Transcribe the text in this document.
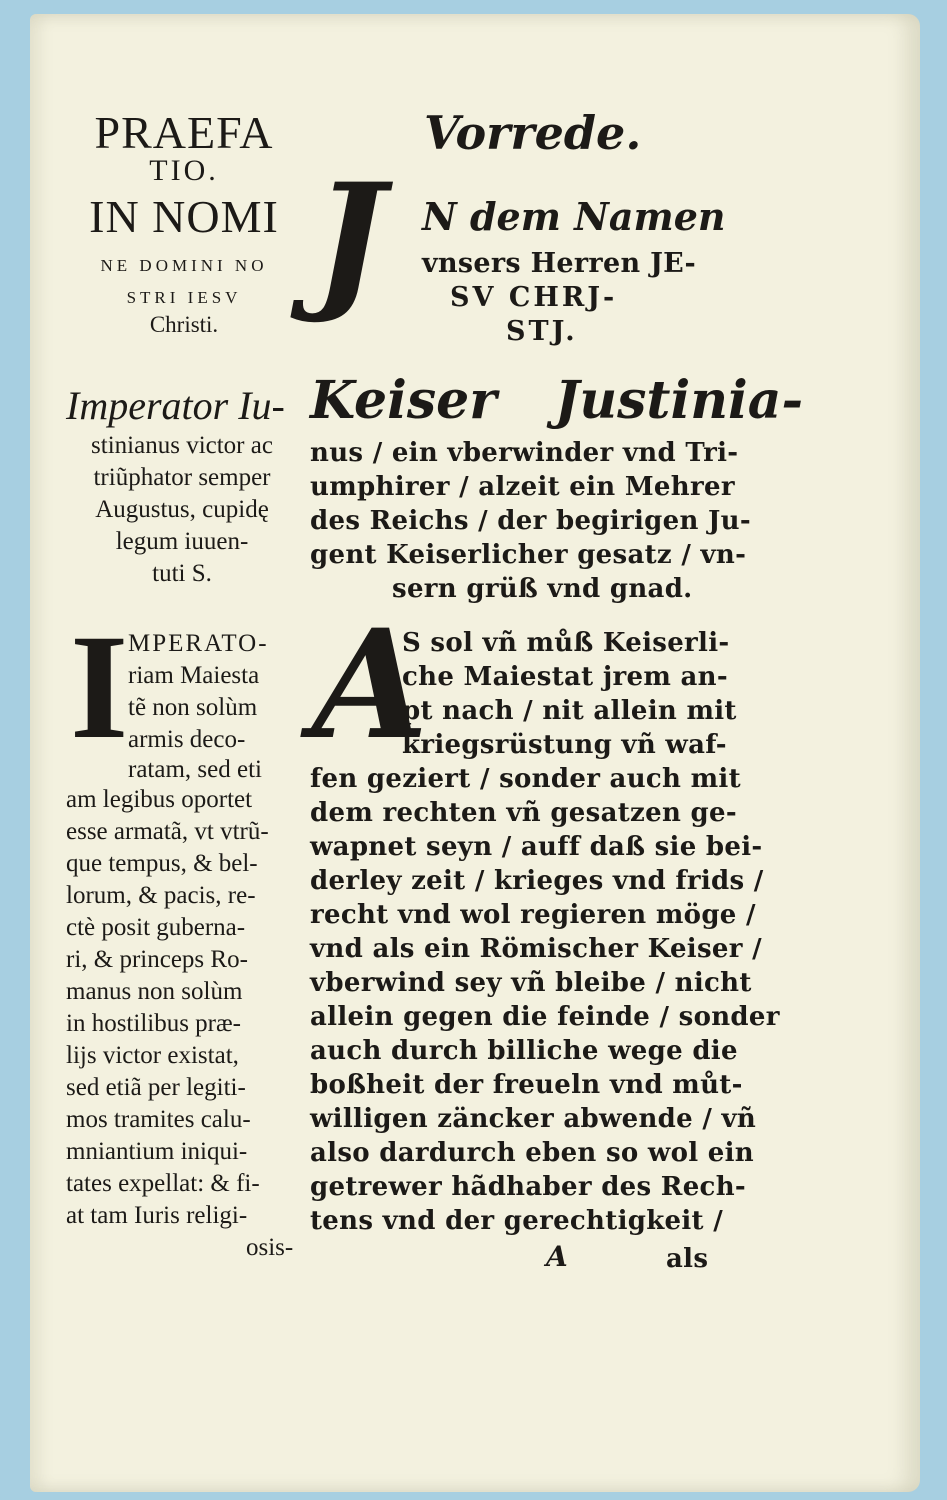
PRAEFA
TIO.
IN NOMI
NE DOMINI NO
STRI IESV
Christi.
Imperator Iu-
stinianus victor ac
triũphator semper
Augustus, cupidę
legum iuuen-
tuti S.
I MPERATO-
riam Maiesta
tẽ non solùm
armis deco-
ratam, sed eti
am legibus oportet
esse armatã, vt vtrũ-
que tempus, & bel-
lorum, & pacis, re-
ctè posit guberna-
ri, & princeps Ro-
manus non solùm
in hostilibus præ-
lijs victor existat,
sed etiã per legiti-
mos tramites calu-
mniantium iniqui-
tates expellat: & fi-
at tam Iuris religi-
osis-
Vorrede.
J N dem Namen
vnsers Herren JE-
SV CHRJ-
STJ.
Keiser Justinia-
nus / ein vberwinder vnd Tri-
umphirer / alzeit ein Mehrer
des Reichs / der begirigen Ju-
gent Keiserlicher gesatz / vn-
sern grüß vnd gnad.
A
S sol vñ můß Keiserli-
che Maiestat jrem an-
pt nach / nit allein mit
kriegsrüstung vñ waf-
fen geziert / sonder auch mit
dem rechten vñ gesatzen ge-
wapnet seyn / auff daß sie bei-
derley zeit / krieges vnd frids /
recht vnd wol regieren möge /
vnd als ein Römischer Keiser /
vberwind sey vñ bleibe / nicht
allein gegen die feinde / sonder
auch durch billiche wege die
boßheit der freueln vnd můt-
willigen zäncker abwende / vñ
also dardurch eben so wol ein
getrewer hãdhaber des Rech-
tens vnd der gerechtigkeit /
A	als
